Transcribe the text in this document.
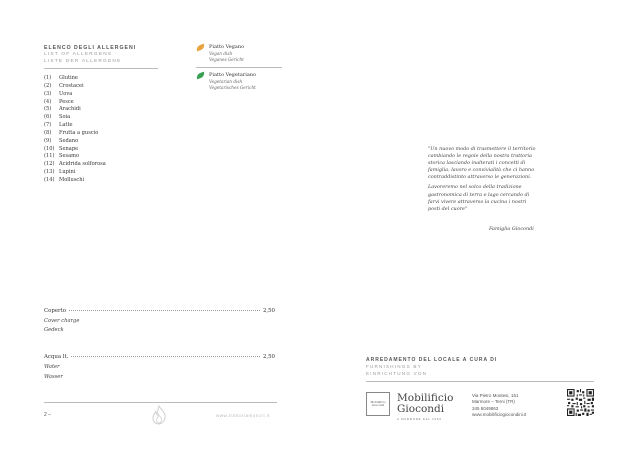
ELENCO DEGLI ALLERGENI
LIST OF ALLERGENS
LISTE DER ALLERGENE
Piatto Vegano
Vegan dish
Veganes Gericht
Piatto Vegetariano
Vegetarian dish
Vegetarisches Gericht
(1)	Glutine
(2)	Crostacei
(3)	Uova
(4)	Pesce
(5)	Arachidi
(6)	Soia
(7)	Latte
(8)	Frutta a guscio
(9)	Sedano
(10) Senape
(11) Sesamo
(12) Acidrida solforosa
(13) Lupini
(14) Molluschi
Coperto	2,50
Cover charge
Gedeck
Acqua lt.	2,50
Water
Wasser
2 –	www.trattoriamoncri.it

"Un nuovo modo di trasmettere il territorio cambiando le regole della nostra trattoria storica lasciando inalterati i concetti di famiglia, lavoro e convivialità che ci hanno contraddistinto attraverso le generazioni.

Lavoreremo nel solco della tradizione gastronomica di terra e lago cercando di farvi vivere attraverso la cucina i nostri posti del cuore"

Famiglia Giocondi
ARREDAMENTO DEL LOCALE A CURA DI
FURNISHINGS BY
EINRICHTUNG VON
Mobilificio
Giocondi
Mobilificio
Giocondi
A MARMORE DAL 1963
Via Pietro Montesi, 151
Marmore – Terni (TR)
345 5049863
www.mobilificiogiocondini.it
